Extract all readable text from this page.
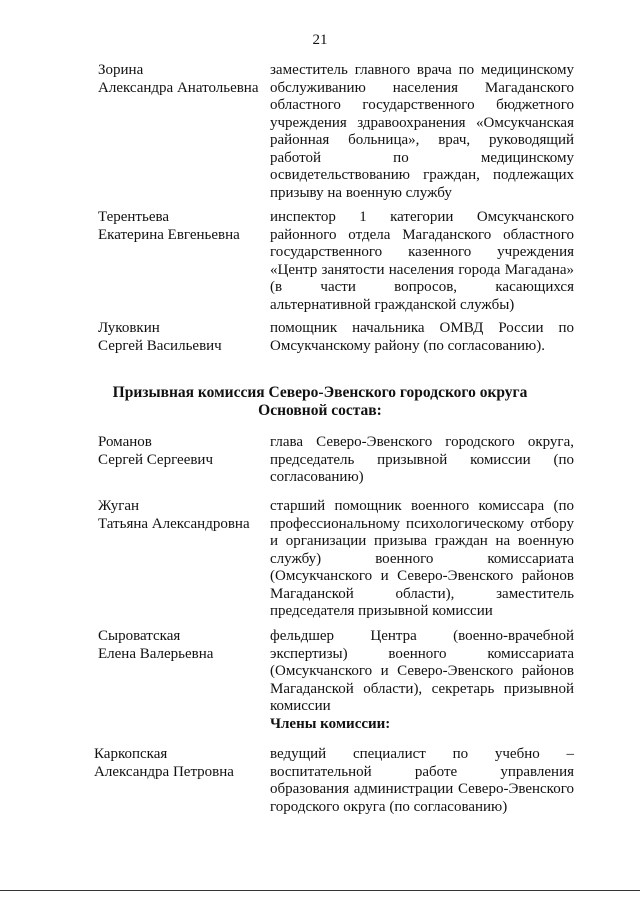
21
Зорина
Александра Анатольевна
заместитель главного врача по медицинскому обслуживанию населения Магаданского областного государственного бюджетного учреждения здравоохранения «Омсукчанская районная больница», врач, руководящий работой по медицинскому освидетельствованию граждан, подлежащих призыву на военную службу
Терентьева
Екатерина Евгеньевна
инспектор 1 категории Омсукчанского районного отдела Магаданского областного государственного казенного учреждения «Центр занятости населения города Магадана» (в части вопросов, касающихся альтернативной гражданской службы)
Луковкин
Сергей Васильевич
помощник начальника ОМВД России по Омсукчанскому району (по согласованию).
Призывная комиссия Северо-Эвенского городского округа
Основной состав:
Романов
Сергей Сергеевич
глава Северо-Эвенского городского округа, председатель призывной комиссии (по согласованию)
Жуган
Татьяна Александровна
старший помощник военного комиссара (по профессиональному психологическому отбору и организации призыва граждан на военную службу) военного комиссариата (Омсукчанского и Северо-Эвенского районов Магаданской области), заместитель председателя призывной комиссии
Сыроватская
Елена Валерьевна
фельдшер Центра (военно-врачебной экспертизы) военного комиссариата (Омсукчанского и Северо-Эвенского районов Магаданской области), секретарь призывной комиссии
Члены комиссии:
Каркопская
Александра Петровна
ведущий специалист по учебно – воспитательной работе управления образования администрации Северо-Эвенского городского округа (по согласованию)
